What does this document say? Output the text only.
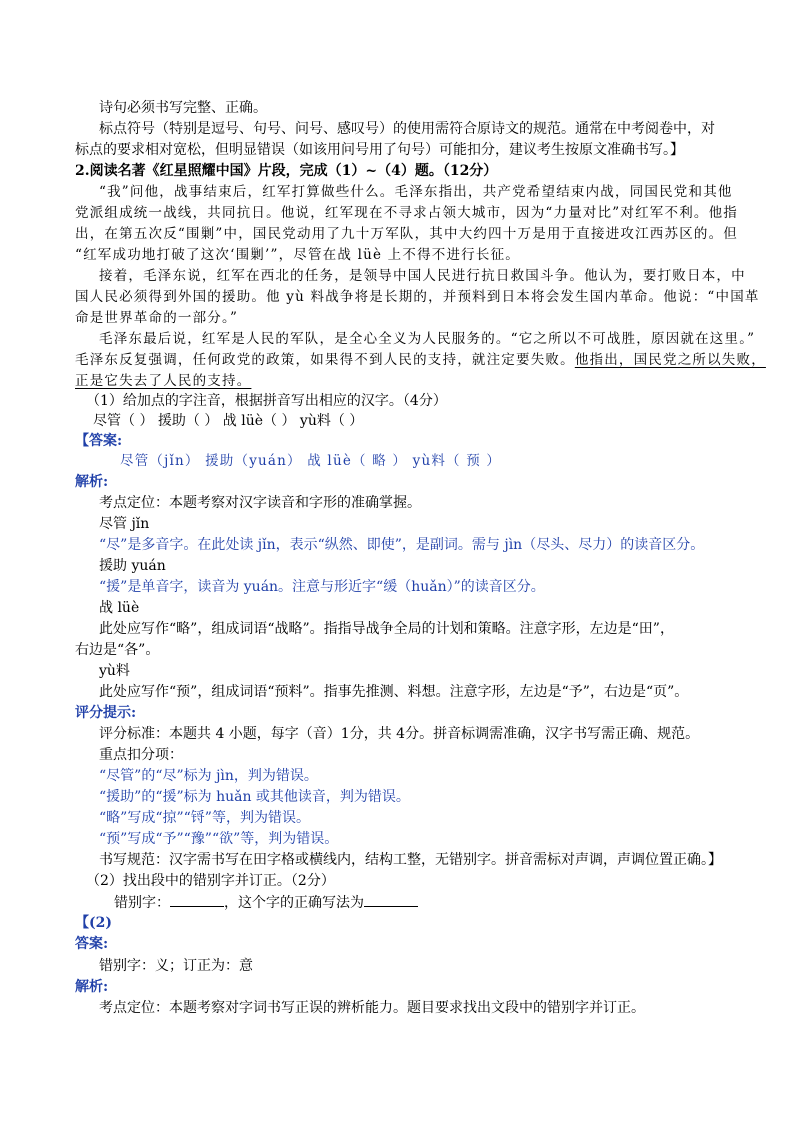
诗句必须书写完整、正确。
标点符号（特别是逗号、句号、问号、感叹号）的使用需符合原诗文的规范。通常在中考阅卷中，对
标点的要求相对宽松，但明显错误（如该用问号用了句号）可能扣分，建议考生按原文准确书写。】
2.阅读名著《红星照耀中国》片段，完成（1）~（4）题。（12分）
“我”问他，战事结束后，红军打算做些什么。毛泽东指出，共产党希望结束内战，同国民党和其他
党派组成统一战线，共同抗日。他说，红军现在不寻求占领大城市，因为“力量对比”对红军不利。他指
出，在第五次反“围剿”中，国民党动用了九十万军队，其中大约四十万是用于直接进攻江西苏区的。但
“红军成功地打破了这次‘围剿’”，尽管在战 lüè 上不得不进行长征。
接着，毛泽东说，红军在西北的任务，是领导中国人民进行抗日救国斗争。他认为，要打败日本，中
国人民必须得到外国的援助。他 yù 料战争将是长期的，并预料到日本将会发生国内革命。他说：“中国革
命是世界革命的一部分。”
毛泽东最后说，红军是人民的军队，是全心全义为人民服务的。“它之所以不可战胜，原因就在这里。”
毛泽东反复强调，任何政党的政策，如果得不到人民的支持，就注定要失败。他指出，国民党之所以失败，
正是它失去了人民的支持。
（1）给加点的字注音，根据拼音写出相应的汉字。（4分）
尽管（ ） 援助（ ） 战 lüè（ ） yù料（ ）
【答案:
尽管（jǐn） 援助（yuán） 战 lüè（ 略 ） yù料（ 预 ）
解析:
考点定位：本题考察对汉字读音和字形的准确掌握。
尽管 jǐn
“尽”是多音字。在此处读 jǐn，表示“纵然、即使”，是副词。需与 jìn（尽头、尽力）的读音区分。
援助 yuán
“援”是单音字，读音为 yuán。注意与形近字“缓（huǎn）”的读音区分。
战 lüè
此处应写作“略”，组成词语“战略”。指指导战争全局的计划和策略。注意字形，左边是“田”，
右边是“各”。
yù料
此处应写作“预”，组成词语“预料”。指事先推测、料想。注意字形，左边是“予”，右边是“页”。
评分提示:
评分标准：本题共 4 小题，每字（音）1分，共 4分。拼音标调需准确，汉字书写需正确、规范。
重点扣分项：
“尽管”的“尽”标为 jìn，判为错误。
“援助”的“援”标为 huǎn 或其他读音，判为错误。
“略”写成“掠”“锊”等，判为错误。
“预”写成“予”“豫”“欲”等，判为错误。
书写规范：汉字需书写在田字格或横线内，结构工整，无错别字。拼音需标对声调，声调位置正确。】
（2）找出段中的错别字并订正。（2分）
错别字：	，这个字的正确写法为
【(2)
答案:
错别字：义；订正为：意
解析:
考点定位：本题考察对字词书写正误的辨析能力。题目要求找出文段中的错别字并订正。
